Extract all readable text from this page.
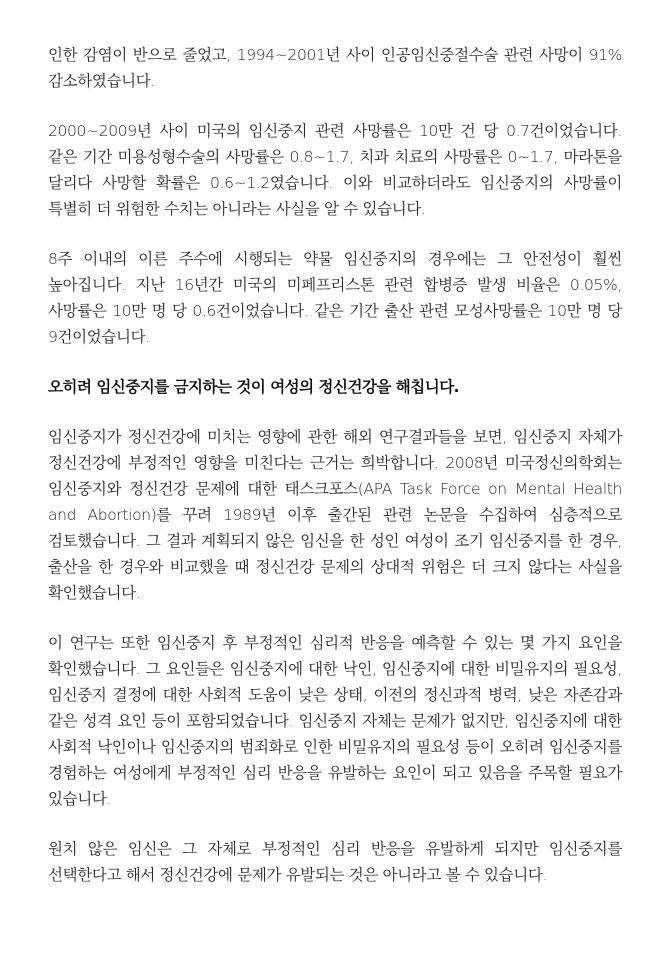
인한 감염이 반으로 줄었고, 1994~2001년 사이 인공임신중절수술 관련 사망이 91% 감소하였습니다.

2000~2009년 사이 미국의 임신중지 관련 사망률은 10만 건 당 0.7건이었습니다. 같은 기간 미용성형수술의 사망률은 0.8~1.7, 치과 치료의 사망률은 0~1.7, 마라톤을 달리다 사망할 확률은 0.6~1.2였습니다. 이와 비교하더라도 임신중지의 사망률이 특별히 더 위험한 수치는 아니라는 사실을 알 수 있습니다.

8주 이내의 이른 주수에 시행되는 약물 임신중지의 경우에는 그 안전성이 훨씬 높아집니다. 지난 16년간 미국의 미페프리스톤 관련 합병증 발생 비율은 0.05%, 사망률은 10만 명 당 0.6건이었습니다. 같은 기간 출산 관련 모성사망률은 10만 명 당 9건이었습니다.

오히려 임신중지를 금지하는 것이 여성의 정신건강을 해칩니다.

임신중지가 정신건강에 미치는 영향에 관한 해외 연구결과들을 보면, 임신중지 자체가 정신건강에 부정적인 영향을 미친다는 근거는 희박합니다. 2008년 미국정신의학회는 임신중지와 정신건강 문제에 대한 태스크포스(APA Task Force on Mental Health and Abortion)를 꾸려 1989년 이후 출간된 관련 논문을 수집하여 심층적으로 검토했습니다. 그 결과 계획되지 않은 임신을 한 성인 여성이 조기 임신중지를 한 경우, 출산을 한 경우와 비교했을 때 정신건강 문제의 상대적 위험은 더 크지 않다는 사실을 확인했습니다.

이 연구는 또한 임신중지 후 부정적인 심리적 반응을 예측할 수 있는 몇 가지 요인을 확인했습니다. 그 요인들은 임신중지에 대한 낙인, 임신중지에 대한 비밀유지의 필요성, 임신중지 결정에 대한 사회적 도움이 낮은 상태, 이전의 정신과적 병력, 낮은 자존감과 같은 성격 요인 등이 포함되었습니다. 임신중지 자체는 문제가 없지만, 임신중지에 대한 사회적 낙인이나 임신중지의 범죄화로 인한 비밀유지의 필요성 등이 오히려 임신중지를 경험하는 여성에게 부정적인 심리 반응을 유발하는 요인이 되고 있음을 주목할 필요가 있습니다.

원치 않은 임신은 그 자체로 부정적인 심리 반응을 유발하게 되지만 임신중지를 선택한다고 해서 정신건강에 문제가 유발되는 것은 아니라고 볼 수 있습니다.
